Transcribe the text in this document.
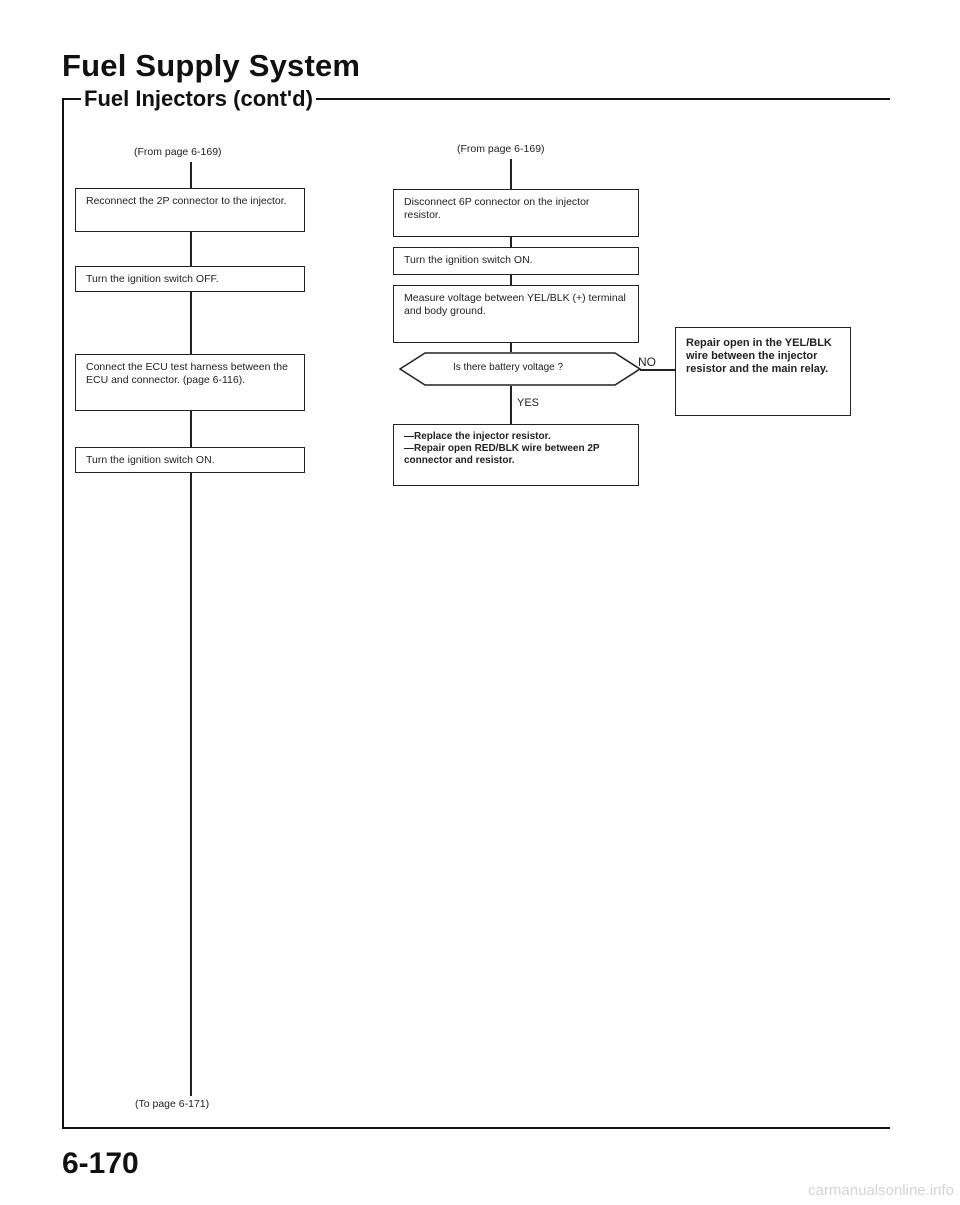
Fuel Supply System
Fuel Injectors (cont'd)
(From page 6-169)
Reconnect the 2P connector to the injector.
Turn the ignition switch OFF.
Connect the ECU test harness between the ECU and connector. (page 6-116).
Turn the ignition switch ON.
(To page 6-171)
(From page 6-169)
Disconnect 6P connector on the injector resistor.
Turn the ignition switch ON.
Measure voltage between YEL/BLK (+) terminal and body ground.
Is there battery voltage ?	NO
Repair open in the YEL/BLK wire between the injector resistor and the main relay.
YES
—Replace the injector resistor.
—Repair open RED/BLK wire between 2P connector and resistor.
6-170
carmanualsonline.info
